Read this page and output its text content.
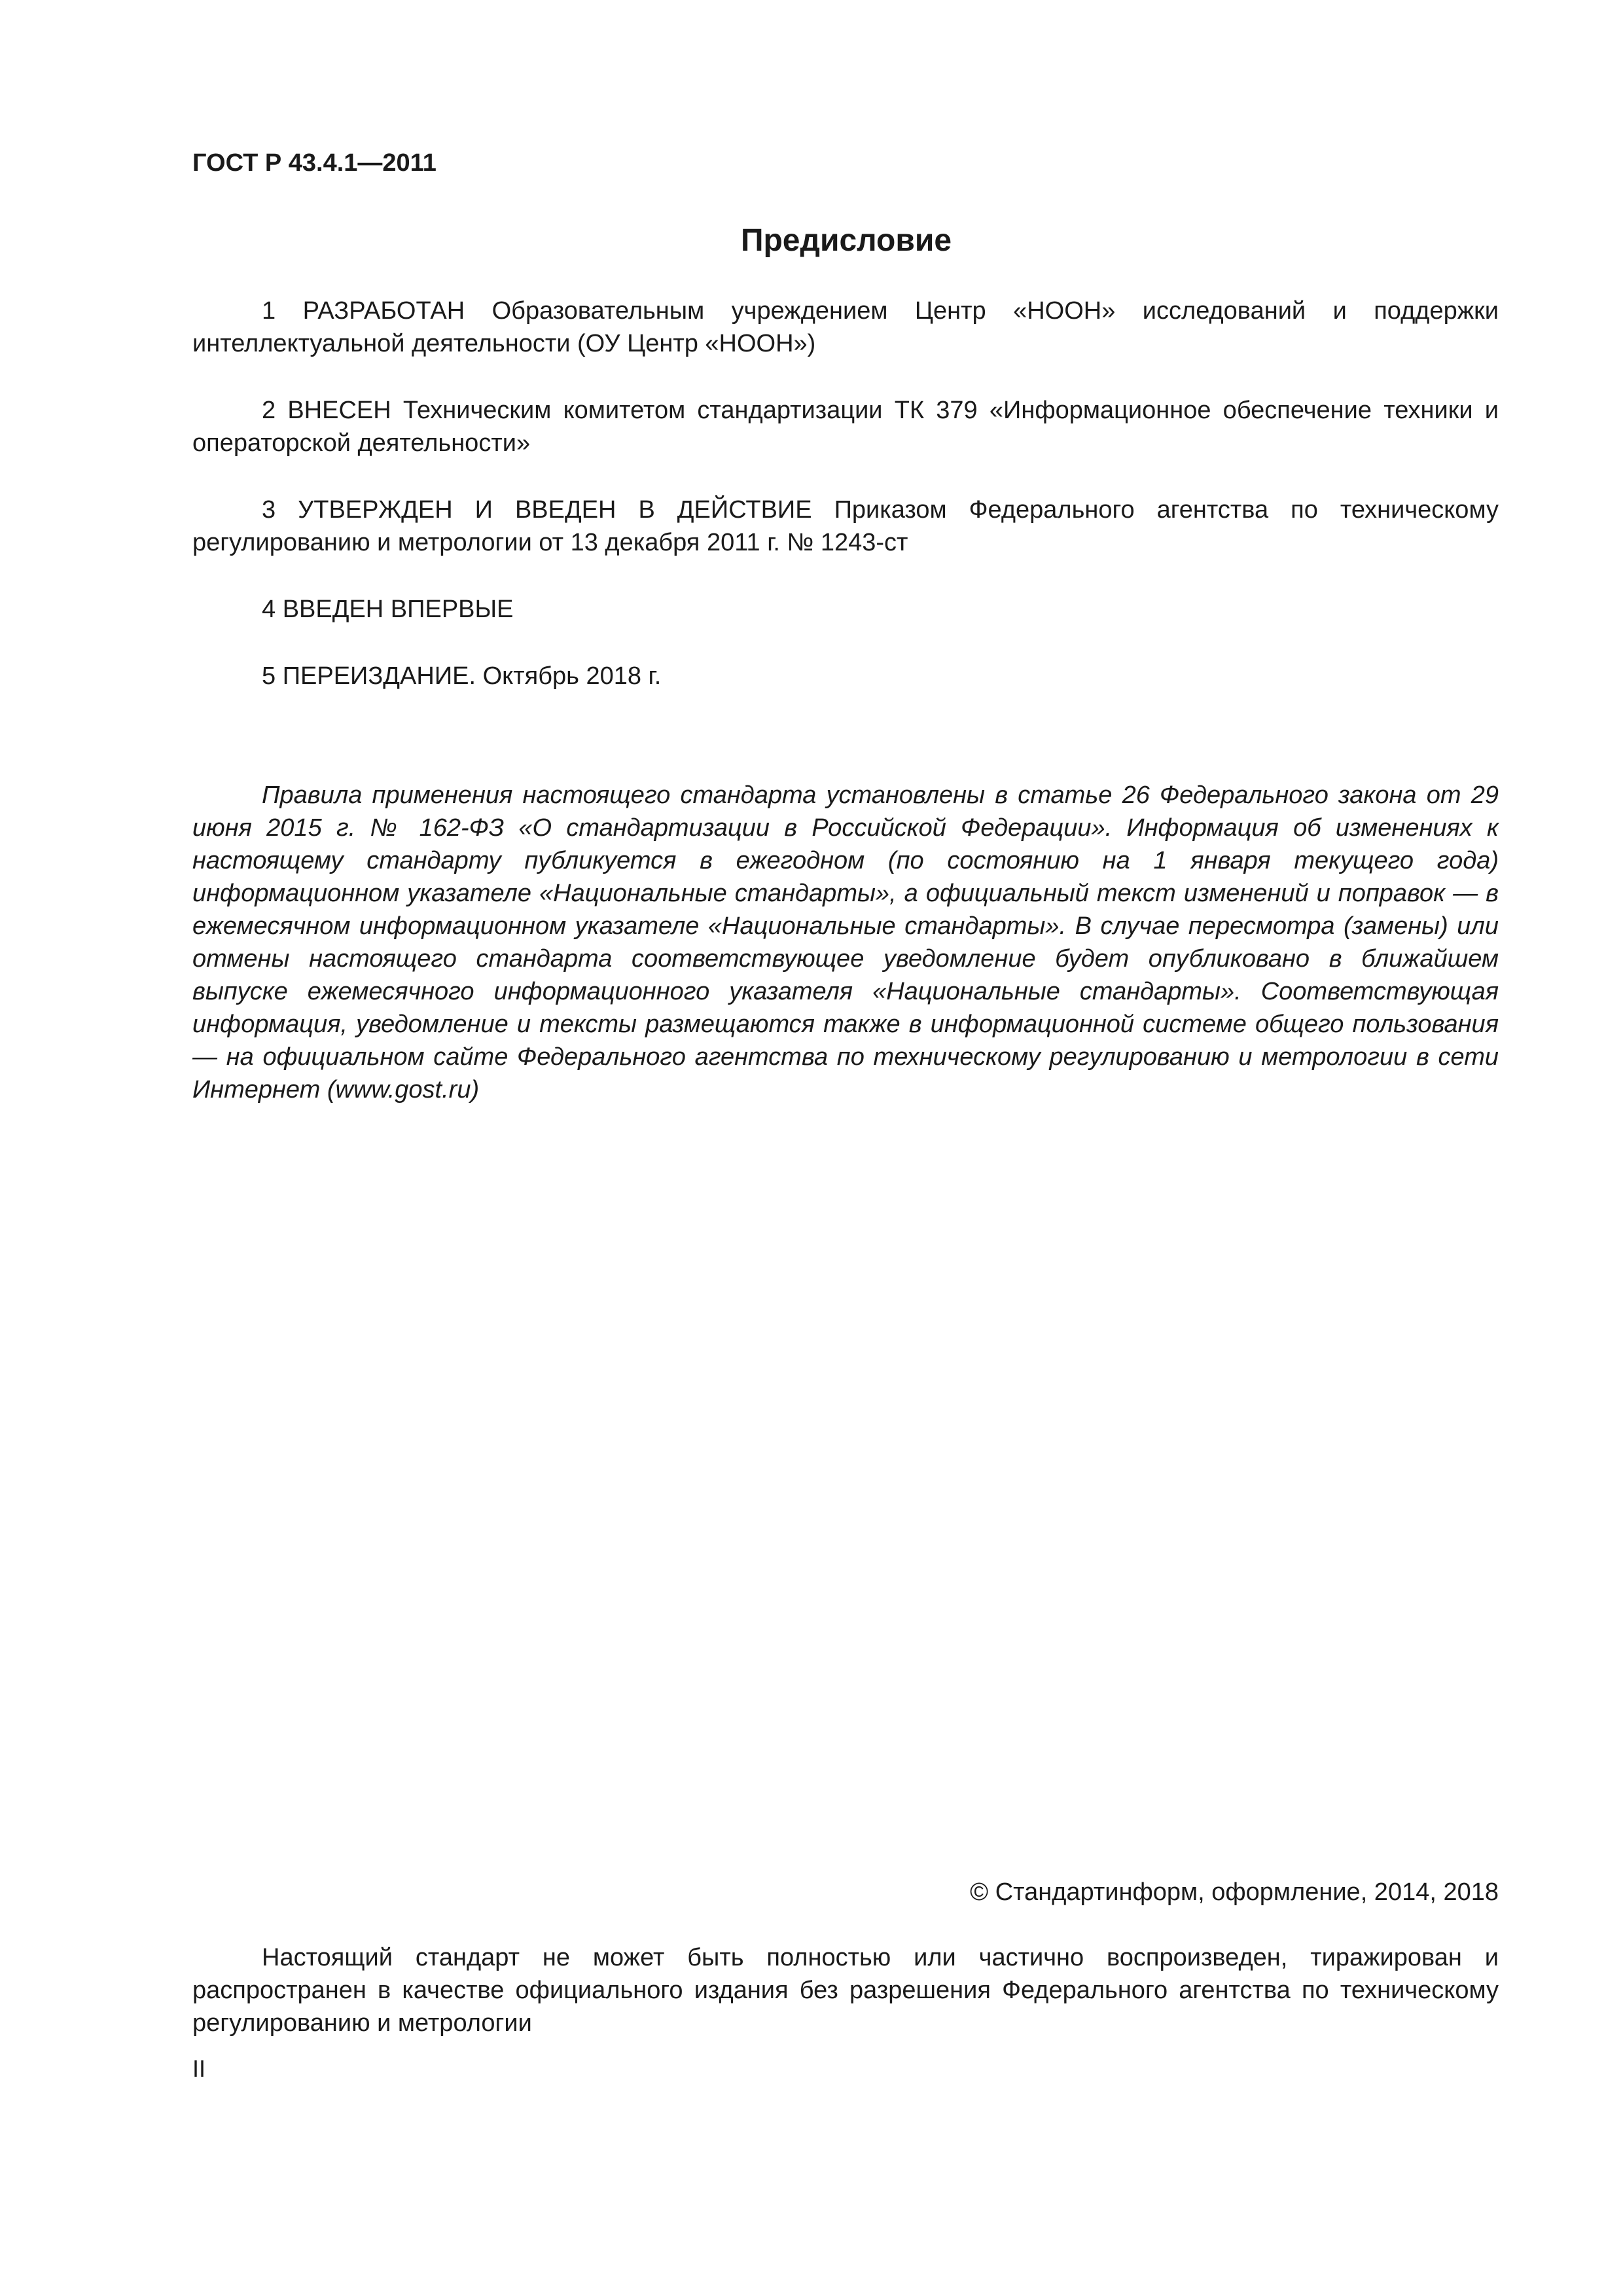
ГОСТ Р 43.4.1—2011

Предисловие

1 РАЗРАБОТАН Образовательным учреждением Центр «НООН» исследований и поддержки интеллектуальной деятельности (ОУ Центр «НООН»)

2 ВНЕСЕН Техническим комитетом стандартизации ТК 379 «Информационное обеспечение техники и операторской деятельности»

3 УТВЕРЖДЕН И ВВЕДЕН В ДЕЙСТВИЕ Приказом Федерального агентства по техническому регулированию и метрологии от 13 декабря 2011 г. № 1243-ст

4 ВВЕДЕН ВПЕРВЫЕ

5 ПЕРЕИЗДАНИЕ. Октябрь 2018 г.

Правила применения настоящего стандарта установлены в статье 26 Федерального закона от 29 июня 2015 г. № 162-ФЗ «О стандартизации в Российской Федерации». Информация об изменениях к настоящему стандарту публикуется в ежегодном (по состоянию на 1 января текущего года) информационном указателе «Национальные стандарты», а официальный текст изменений и поправок — в ежемесячном информационном указателе «Национальные стандарты». В случае пересмотра (замены) или отмены настоящего стандарта соответствующее уведомление будет опубликовано в ближайшем выпуске ежемесячного информационного указателя «Национальные стандарты». Соответствующая информация, уведомление и тексты размещаются также в информационной системе общего пользования — на официальном сайте Федерального агентства по техническому регулированию и метрологии в сети Интернет (www.gost.ru)

© Стандартинформ, оформление, 2014, 2018

Настоящий стандарт не может быть полностью или частично воспроизведен, тиражирован и распространен в качестве официального издания без разрешения Федерального агентства по техническому регулированию и метрологии

II
